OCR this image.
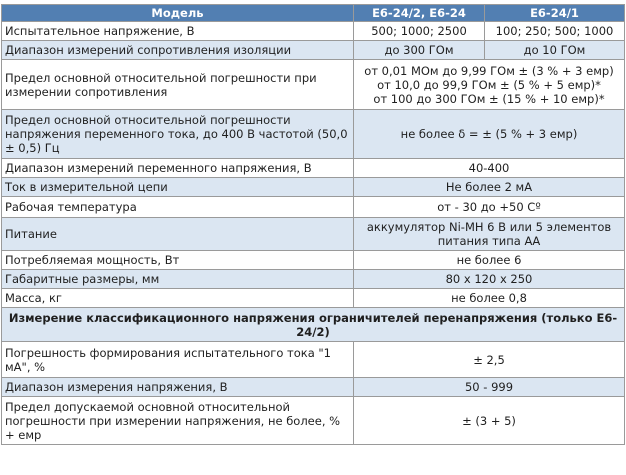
Модель	Е6-24/2, Е6-24	Е6-24/1
Испытательное напряжение, В	500; 1000; 2500	100; 250; 500; 1000
Диапазон измерений сопротивления изоляции	до 300 ГОм	до 10 ГОм
Предел основной относительной погрешности при измерении сопротивления	от 0,01 МОм до 9,99 ГОм ± (3 % + 3 емр)
от 10,0 до 99,9 ГОм ± (5 % + 5 емр)*
от 100 до 300 ГОм ± (15 % + 10 емр)*	

Предел основной относительной погрешности напряжения переменного тока, до 400 В частотой (50,0 ± 0,5) Гц	не более δ = ± (5 % + 3 емр)	
Диапазон измерений переменного напряжения, В	40-400	
Ток в измерительной цепи	Не более 2 мА	
Рабочая температура	от - 30 до +50 Сº	
Питание	аккумулятор Ni-MH 6 В или 5 элементов
питания типа АА	

Потребляемая мощность, Вт	не более 6	
Габаритные размеры, мм	80 х 120 х 250	
Масса, кг	не более 0,8	

Измерение классификационного напряжения ограничителей перенапряжения (только Е6-
24/2)		

Погрешность формирования испытательного тока "1 мА", %	± 2,5	
Диапазон измерения напряжения, В	50 - 999	
Предел допускаемой основной относительной погрешности при измерении напряжения, не более, % + емр	± (3 + 5)	
